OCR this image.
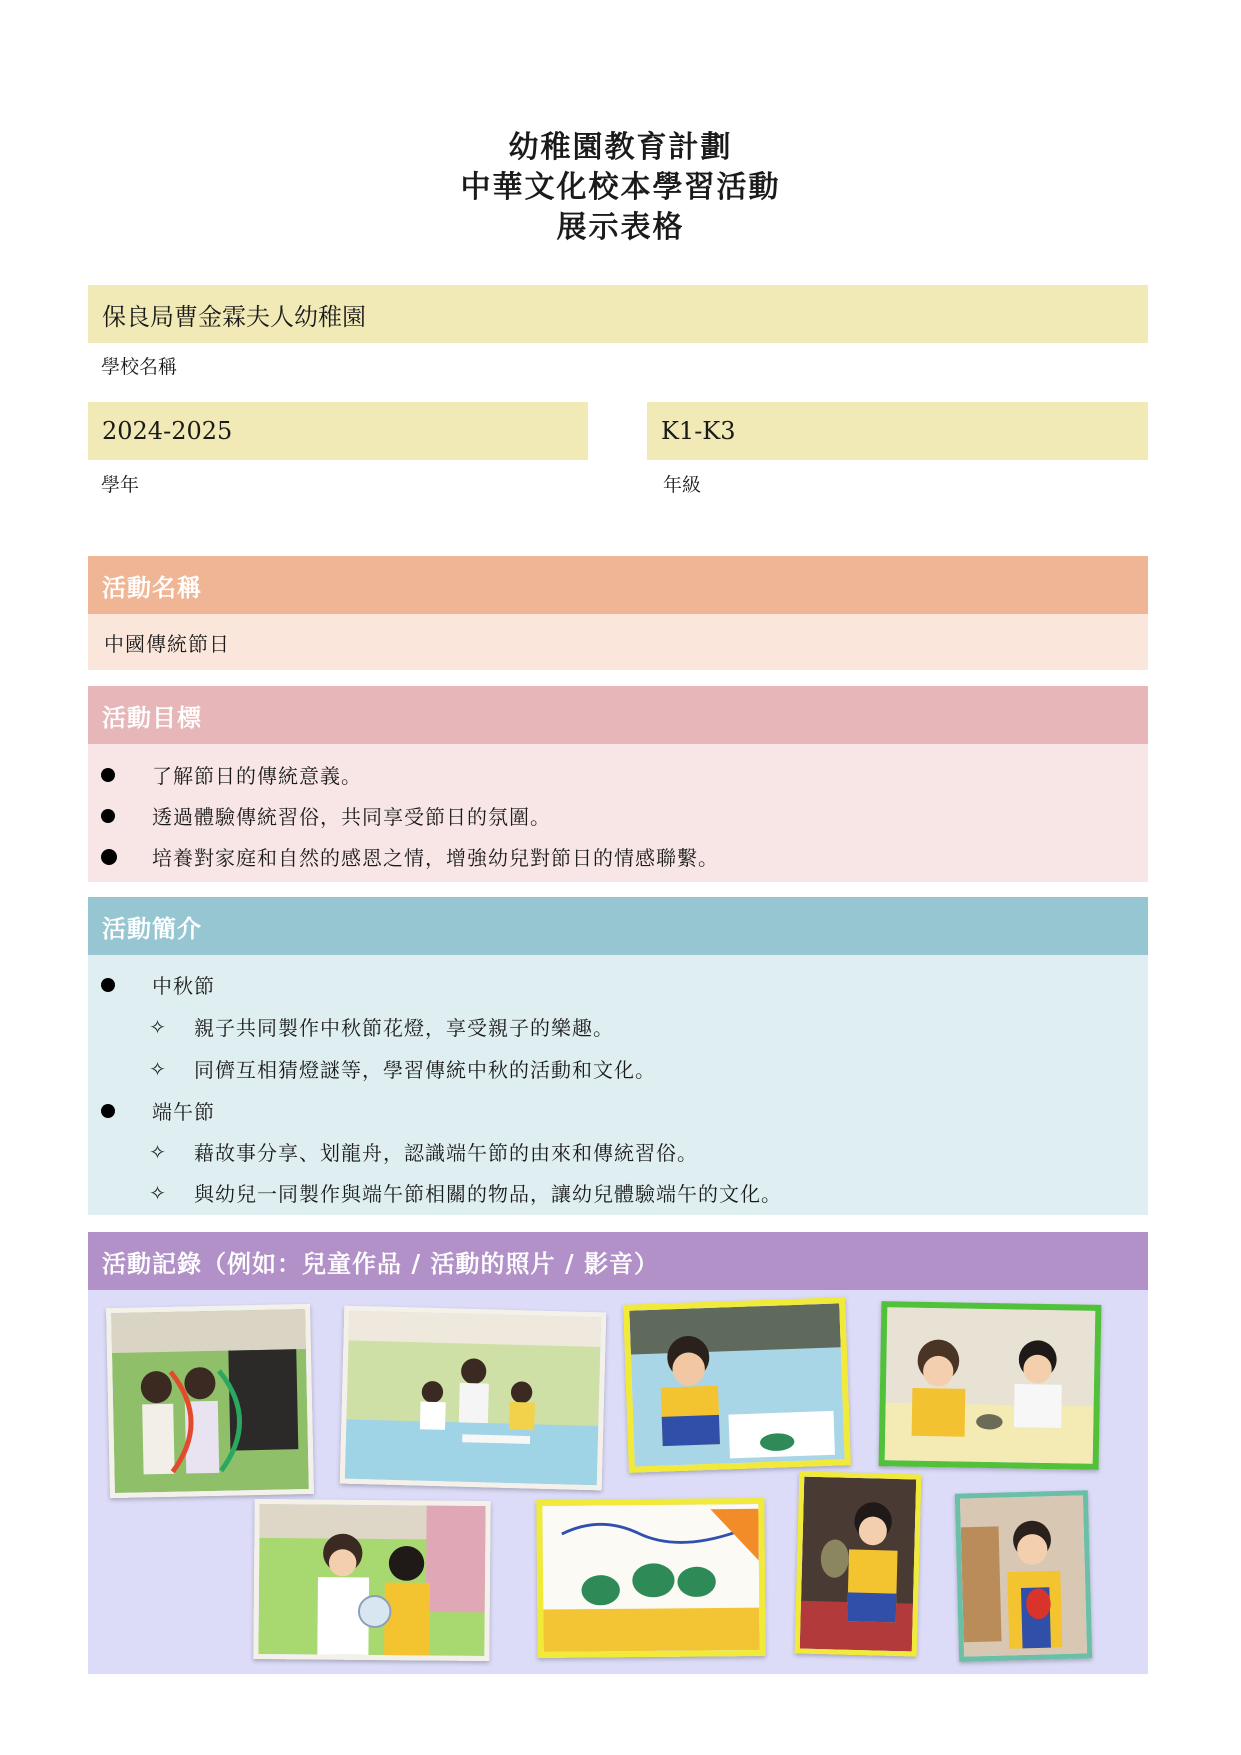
幼稚園教育計劃
中華文化校本學習活動
展示表格
保良局曹金霖夫人幼稚園
學校名稱
2024-2025
學年
K1-K3
年級
活動名稱
中國傳統節日
活動目標
了解節日的傳統意義。
透過體驗傳統習俗，共同享受節日的氛圍。
培養對家庭和自然的感恩之情，增強幼兒對節日的情感聯繫。
活動簡介
中秋節
✧ 親子共同製作中秋節花燈，享受親子的樂趣。
✧ 同儕互相猜燈謎等，學習傳統中秋的活動和文化。
端午節
✧ 藉故事分享、划龍舟，認識端午節的由來和傳統習俗。
✧ 與幼兒一同製作與端午節相關的物品，讓幼兒體驗端午的文化。
活動記錄（例如：兒童作品 / 活動的照片 / 影音）
